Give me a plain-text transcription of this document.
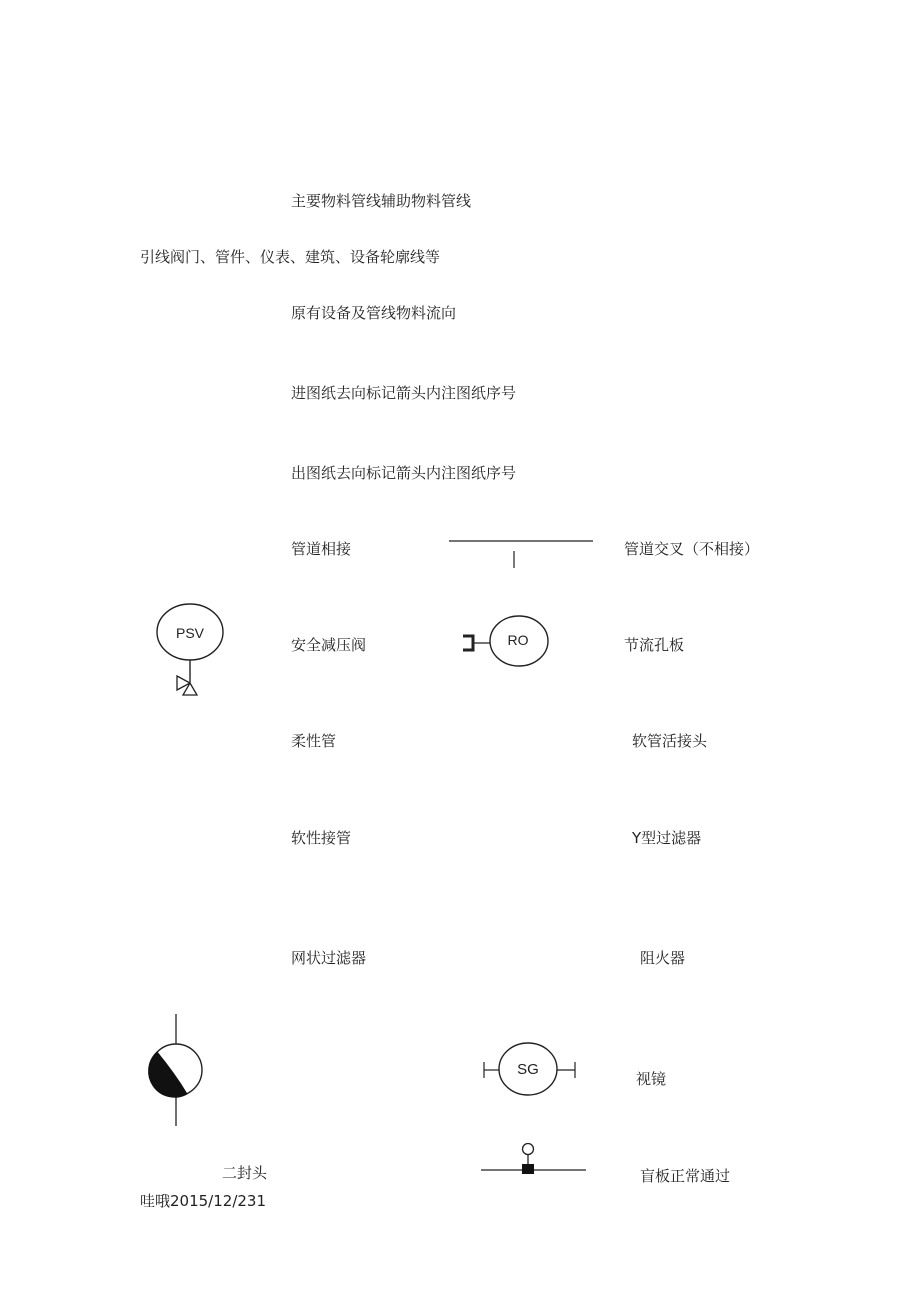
主要物料管线辅助物料管线
引线阀门、管件、仪表、建筑、设备轮廓线等
原有设备及管线物料流向
进图纸去向标记箭头内注图纸序号
出图纸去向标记箭头内注图纸序号
管道相接	管道交叉（不相接）
安全减压阀	节流孔板
柔性管	软管活接头
软性接管	Y型过滤器
网状过滤器	阻火器
视镜
二封头	盲板正常通过
哇哦2015/12/231
PSV	RO
SG
